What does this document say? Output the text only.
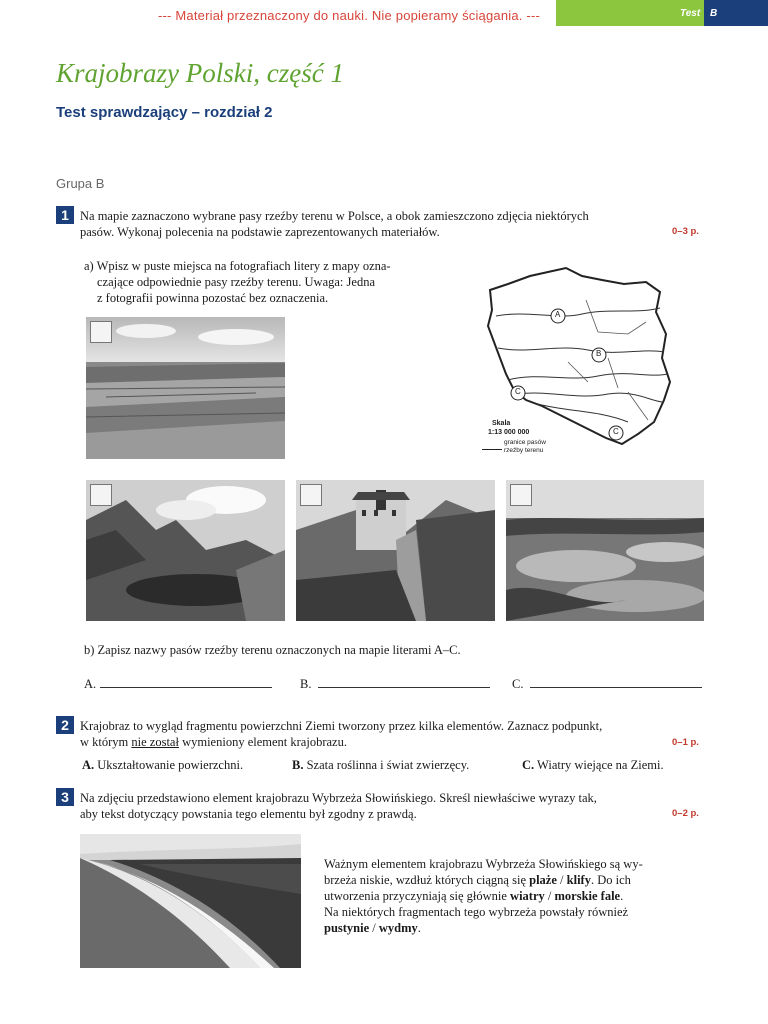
--- Materiał przeznaczony do nauki. Nie popieramy ściągania. ---	Test B
Krajobrazy Polski, część 1
Test sprawdzający – rozdział 2
Grupa B
1 Na mapie zaznaczono wybrane pasy rzeźby terenu w Polsce, a obok zamieszczono zdjęcia niektórych
pasów. Wykonaj polecenia na podstawie zaprezentowanych materiałów.	0–3 p.
a) Wpisz w puste miejsca na fotografiach litery z mapy ozna-
czające odpowiednie pasy rzeźby terenu. Uwaga: Jedna
z fotografii powinna pozostać bez oznaczenia.
A
B
C
C
Skala
1:13 000 000
granice pasów
rzeźby terenu
b) Zapisz nazwy pasów rzeźby terenu oznaczonych na mapie literami A–C.
A.	B.	C.
2 Krajobraz to wygląd fragmentu powierzchni Ziemi tworzony przez kilka elementów. Zaznacz podpunkt,
w którym nie został wymieniony element krajobrazu.	0–1 p.
A. Ukształtowanie powierzchni.	B. Szata roślinna i świat zwierzęcy.	C. Wiatry wiejące na Ziemi.
3 Na zdjęciu przedstawiono element krajobrazu Wybrzeża Słowińskiego. Skreśl niewłaściwe wyrazy tak,
aby tekst dotyczący powstania tego elementu był zgodny z prawdą.	0–2 p.
Ważnym elementem krajobrazu Wybrzeża Słowińskiego są wy-
brzeża niskie, wzdłuż których ciągną się plaże / klify. Do ich
utworzenia przyczyniają się głównie wiatry / morskie fale.
Na niektórych fragmentach tego wybrzeża powstały również
pustynie / wydmy.
